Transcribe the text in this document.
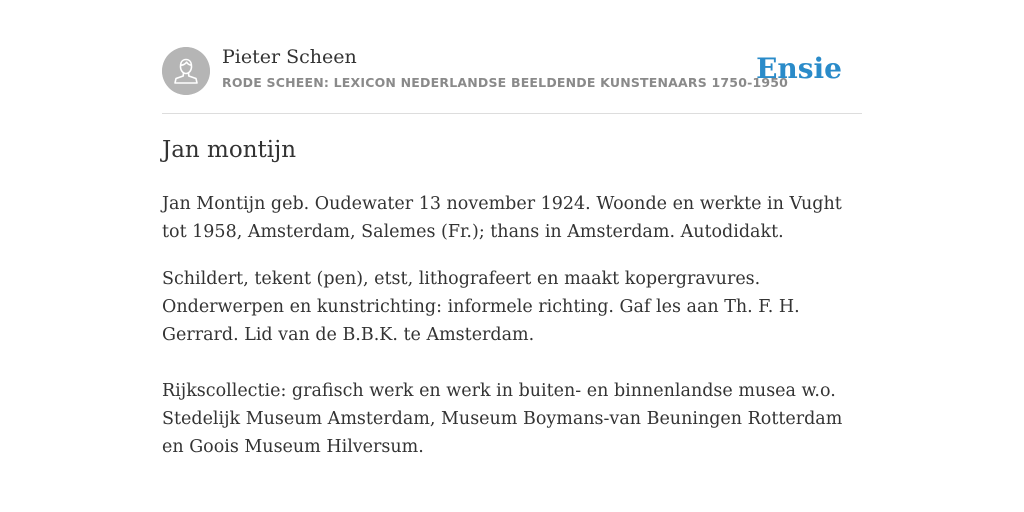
Pieter Scheen
RODE SCHEEN: LEXICON NEDERLANDSE BEELDENDE KUNSTENAARS 1750-1950
Ensie
Jan montijn

Jan Montijn geb. Oudewater 13 november 1924. Woonde en werkte in Vught tot 1958, Amsterdam, Salemes (Fr.); thans in Amsterdam. Autodidakt.

Schildert, tekent (pen), etst, lithografeert en maakt kopergravures. Onderwerpen en kunstrichting: informele richting. Gaf les aan Th. F. H. Gerrard. Lid van de B.B.K. te Amsterdam.

Rijkscollectie: grafisch werk en werk in buiten- en binnenlandse musea w.o. Stedelijk Museum Amsterdam, Museum Boymans-van Beuningen Rotterdam en Goois Museum Hilversum.
